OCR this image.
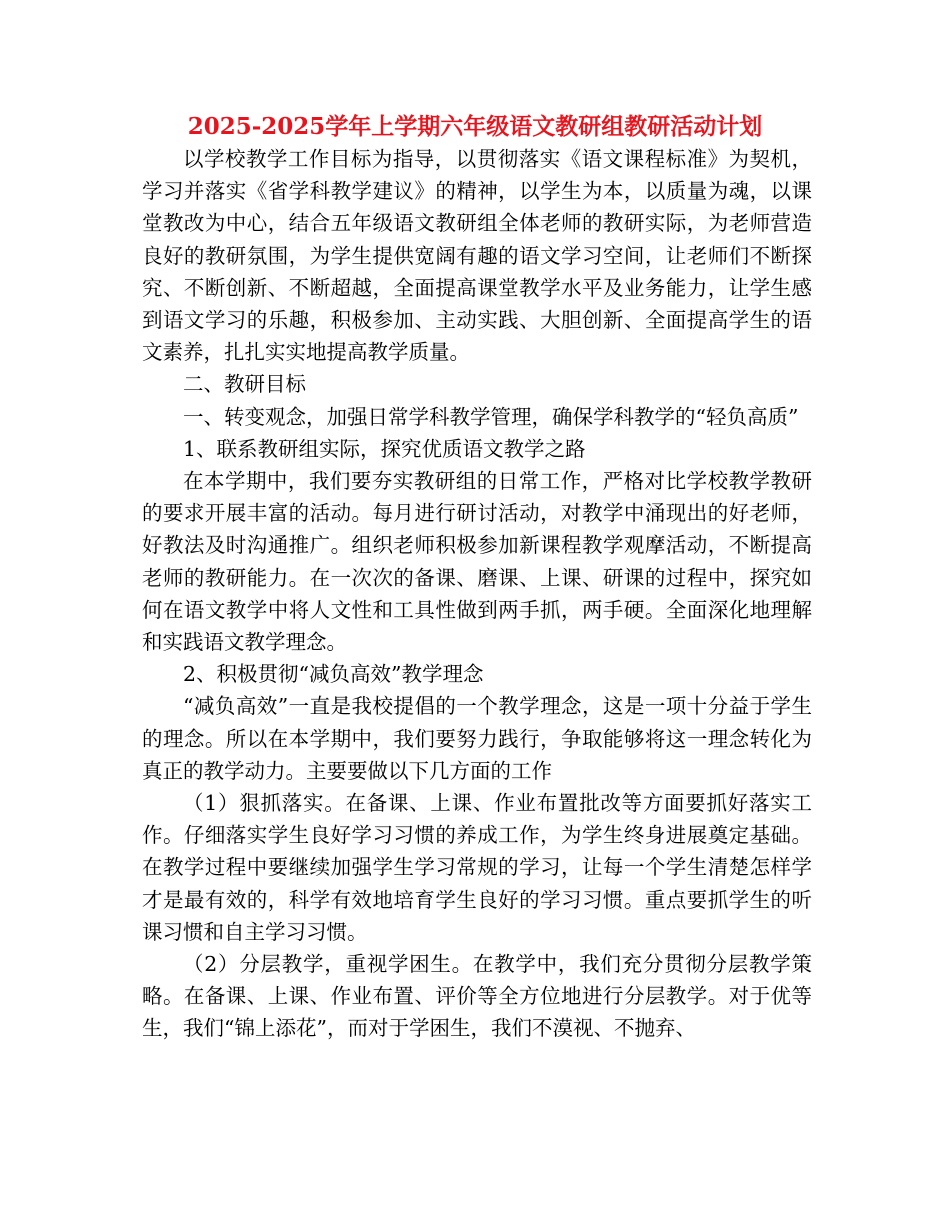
2025-2025学年上学期六年级语文教研组教研活动计划

以学校教学工作目标为指导，以贯彻落实《语文课程标准》为契机，学习并落实《省学科教学建议》的精神，以学生为本，以质量为魂，以课堂教改为中心，结合五年级语文教研组全体老师的教研实际，为老师营造良好的教研氛围，为学生提供宽阔有趣的语文学习空间，让老师们不断探究、不断创新、不断超越，全面提高课堂教学水平及业务能力，让学生感到语文学习的乐趣，积极参加、主动实践、大胆创新、全面提高学生的语文素养，扎扎实实地提高教学质量。

二、教研目标

一、转变观念，加强日常学科教学管理，确保学科教学的“轻负高质”

1、联系教研组实际，探究优质语文教学之路

在本学期中，我们要夯实教研组的日常工作，严格对比学校教学教研的要求开展丰富的活动。每月进行研讨活动，对教学中涌现出的好老师，好教法及时沟通推广。组织老师积极参加新课程教学观摩活动，不断提高老师的教研能力。在一次次的备课、磨课、上课、研课的过程中，探究如何在语文教学中将人文性和工具性做到两手抓，两手硬。全面深化地理解和实践语文教学理念。

2、积极贯彻“减负高效”教学理念

“减负高效”一直是我校提倡的一个教学理念，这是一项十分益于学生的理念。所以在本学期中，我们要努力践行，争取能够将这一理念转化为真正的教学动力。主要要做以下几方面的工作

（1）狠抓落实。在备课、上课、作业布置批改等方面要抓好落实工作。仔细落实学生良好学习习惯的养成工作，为学生终身进展奠定基础。在教学过程中要继续加强学生学习常规的学习，让每一个学生清楚怎样学才是最有效的，科学有效地培育学生良好的学习习惯。重点要抓学生的听课习惯和自主学习习惯。

（2）分层教学，重视学困生。在教学中，我们充分贯彻分层教学策略。在备课、上课、作业布置、评价等全方位地进行分层教学。对于优等生，我们“锦上添花”，而对于学困生，我们不漠视、不抛弃、
